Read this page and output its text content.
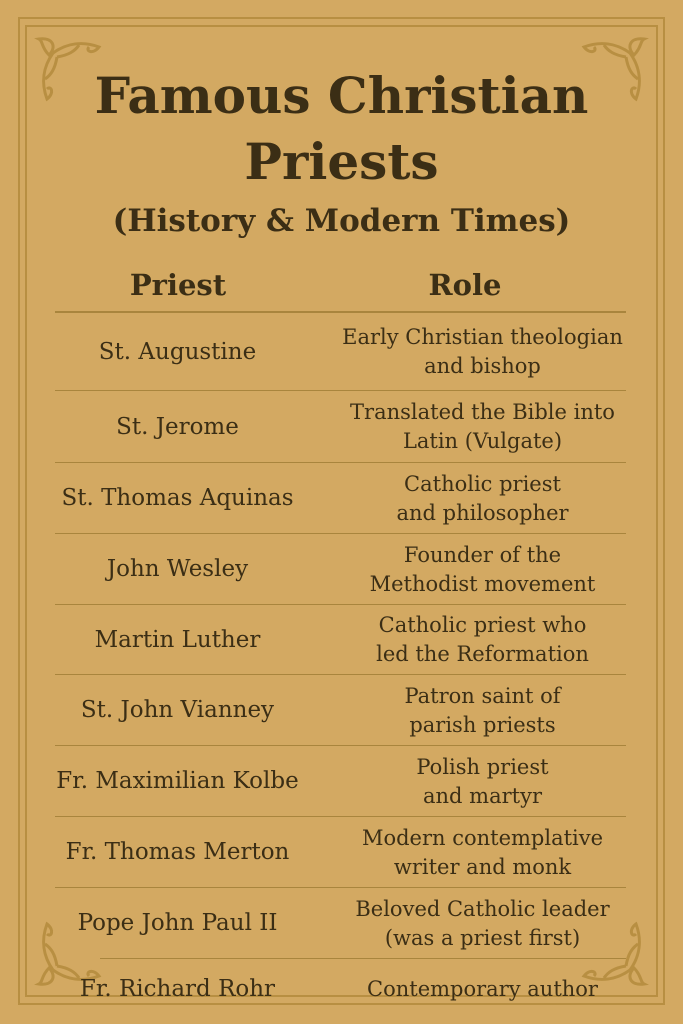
Famous Christian
Priests
(History & Modern Times)
Priest	Role
St. Augustine
Early Christian theologian
and bishop
St. Jerome
Translated the Bible into
Latin (Vulgate)
St. Thomas Aquinas
Catholic priest
and philosopher
John Wesley
Founder of the
Methodist movement
Martin Luther
Catholic priest who
led the Reformation
St. John Vianney
Patron saint of
parish priests
Fr. Maximilian Kolbe
Polish priest
and martyr
Fr. Thomas Merton
Modern contemplative
writer and monk
Pope John Paul II
Beloved Catholic leader
(was a priest first)
Fr. Richard Rohr	Contemporary author
